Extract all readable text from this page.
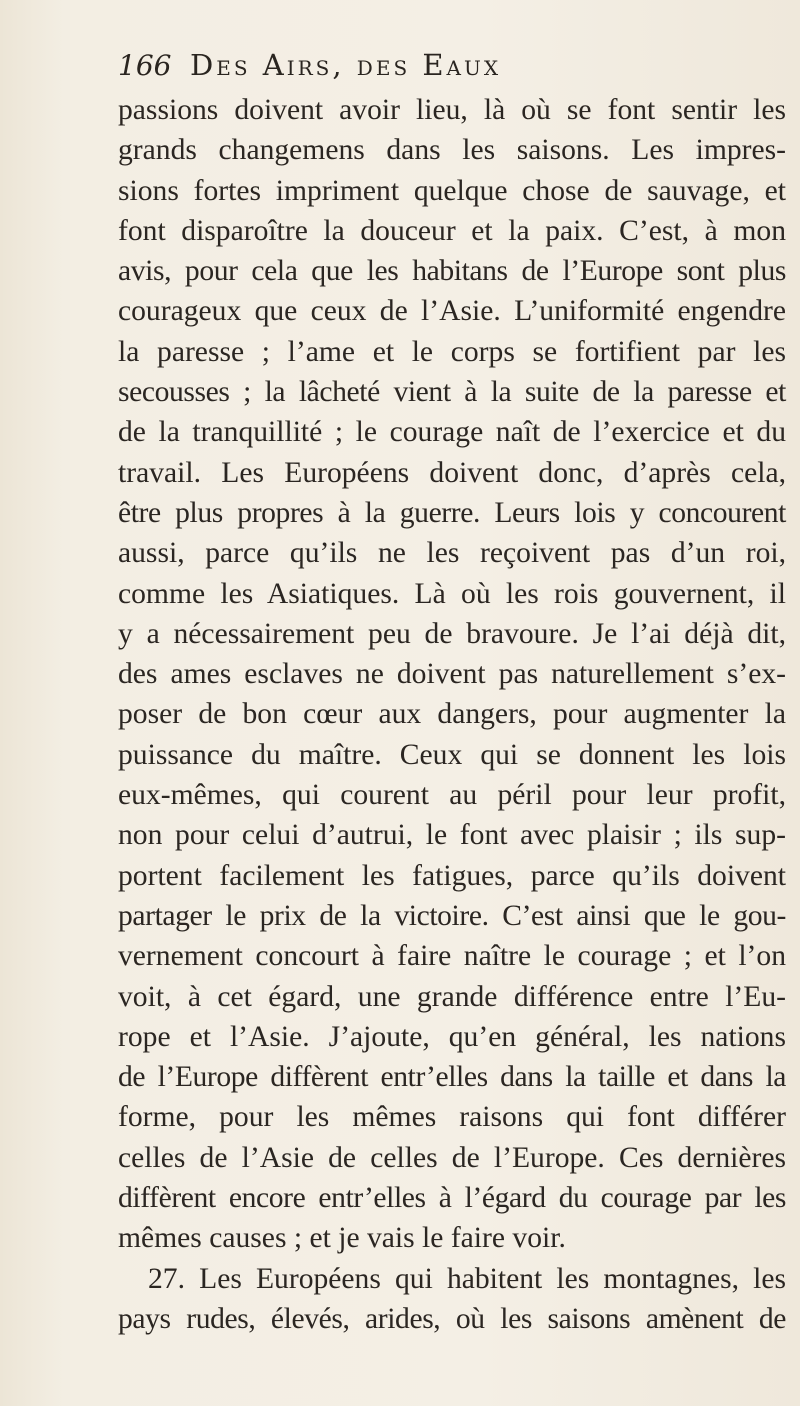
166 Des Airs, des Eaux
passions doivent avoir lieu, là où se font sentir les
grands changemens dans les saisons. Les impres-
sions fortes impriment quelque chose de sauvage, et
font disparoître la douceur et la paix. C’est, à mon
avis, pour cela que les habitans de l’Europe sont plus
courageux que ceux de l’Asie. L’uniformité engendre
la paresse ; l’ame et le corps se fortifient par les
secousses ; la lâcheté vient à la suite de la paresse et
de la tranquillité ; le courage naît de l’exercice et du
travail. Les Européens doivent donc, d’après cela,
être plus propres à la guerre. Leurs lois y concourent
aussi, parce qu’ils ne les reçoivent pas d’un roi,
comme les Asiatiques. Là où les rois gouvernent, il
y a nécessairement peu de bravoure. Je l’ai déjà dit,
des ames esclaves ne doivent pas naturellement s’ex-
poser de bon cœur aux dangers, pour augmenter la
puissance du maître. Ceux qui se donnent les lois
eux-mêmes, qui courent au péril pour leur profit,
non pour celui d’autrui, le font avec plaisir ; ils sup-
portent facilement les fatigues, parce qu’ils doivent
partager le prix de la victoire. C’est ainsi que le gou-
vernement concourt à faire naître le courage ; et l’on
voit, à cet égard, une grande différence entre l’Eu-
rope et l’Asie. J’ajoute, qu’en général, les nations
de l’Europe diffèrent entr’elles dans la taille et dans la
forme, pour les mêmes raisons qui font différer
celles de l’Asie de celles de l’Europe. Ces dernières
diffèrent encore entr’elles à l’égard du courage par les
mêmes causes ; et je vais le faire voir.
27. Les Européens qui habitent les montagnes, les
pays rudes, élevés, arides, où les saisons amènent de
